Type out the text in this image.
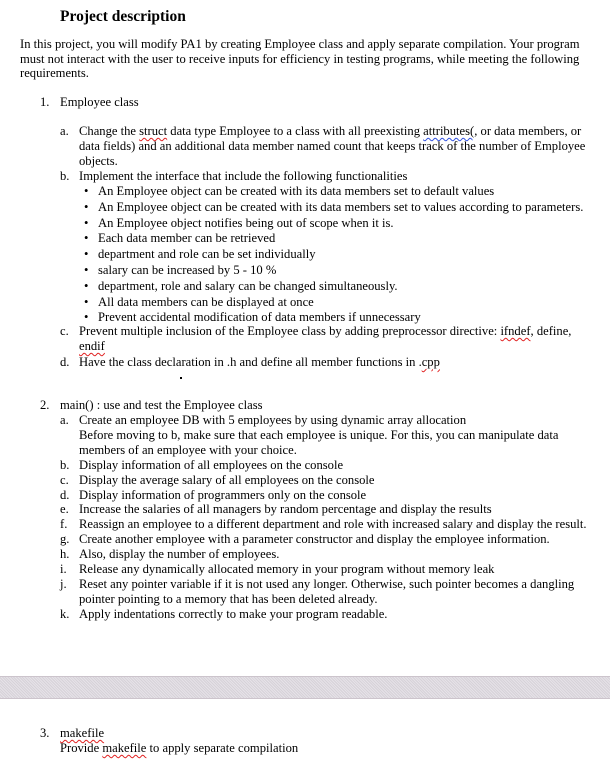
Project description
In this project, you will modify PA1 by creating Employee class and apply separate compilation. Your program
must not interact with the user to receive inputs for efficiency in testing programs, while meeting the following
requirements.
1. Employee class
a. Change the struct data type Employee to a class with all preexisting attributes(, or data members, or
data fields) and an additional data member named count that keeps track of the number of Employee
objects.
b. Implement the interface that include the following functionalities
• An Employee object can be created with its data members set to default values
• An Employee object can be created with its data members set to values according to parameters.
• An Employee object notifies being out of scope when it is.
• Each data member can be retrieved
• department and role can be set individually
• salary can be increased by 5 - 10 %
• department, role and salary can be changed simultaneously.
• All data members can be displayed at once
• Prevent accidental modification of data members if unnecessary
c. Prevent multiple inclusion of the Employee class by adding preprocessor directive: ifndef, define,
endif
d. Have the class declaration in .h and define all member functions in .cpp
2. main() : use and test the Employee class
a. Create an employee DB with 5 employees by using dynamic array allocation
Before moving to b, make sure that each employee is unique. For this, you can manipulate data
members of an employee with your choice.
b. Display information of all employees on the console
c. Display the average salary of all employees on the console
d. Display information of programmers only on the console
e. Increase the salaries of all managers by random percentage and display the results
f. Reassign an employee to a different department and role with increased salary and display the result.
g. Create another employee with a parameter constructor and display the employee information.
h. Also, display the number of employees.
i. Release any dynamically allocated memory in your program without memory leak
j. Reset any pointer variable if it is not used any longer. Otherwise, such pointer becomes a dangling
pointer pointing to a memory that has been deleted already.
k. Apply indentations correctly to make your program readable.
3. makefile
Provide makefile to apply separate compilation
